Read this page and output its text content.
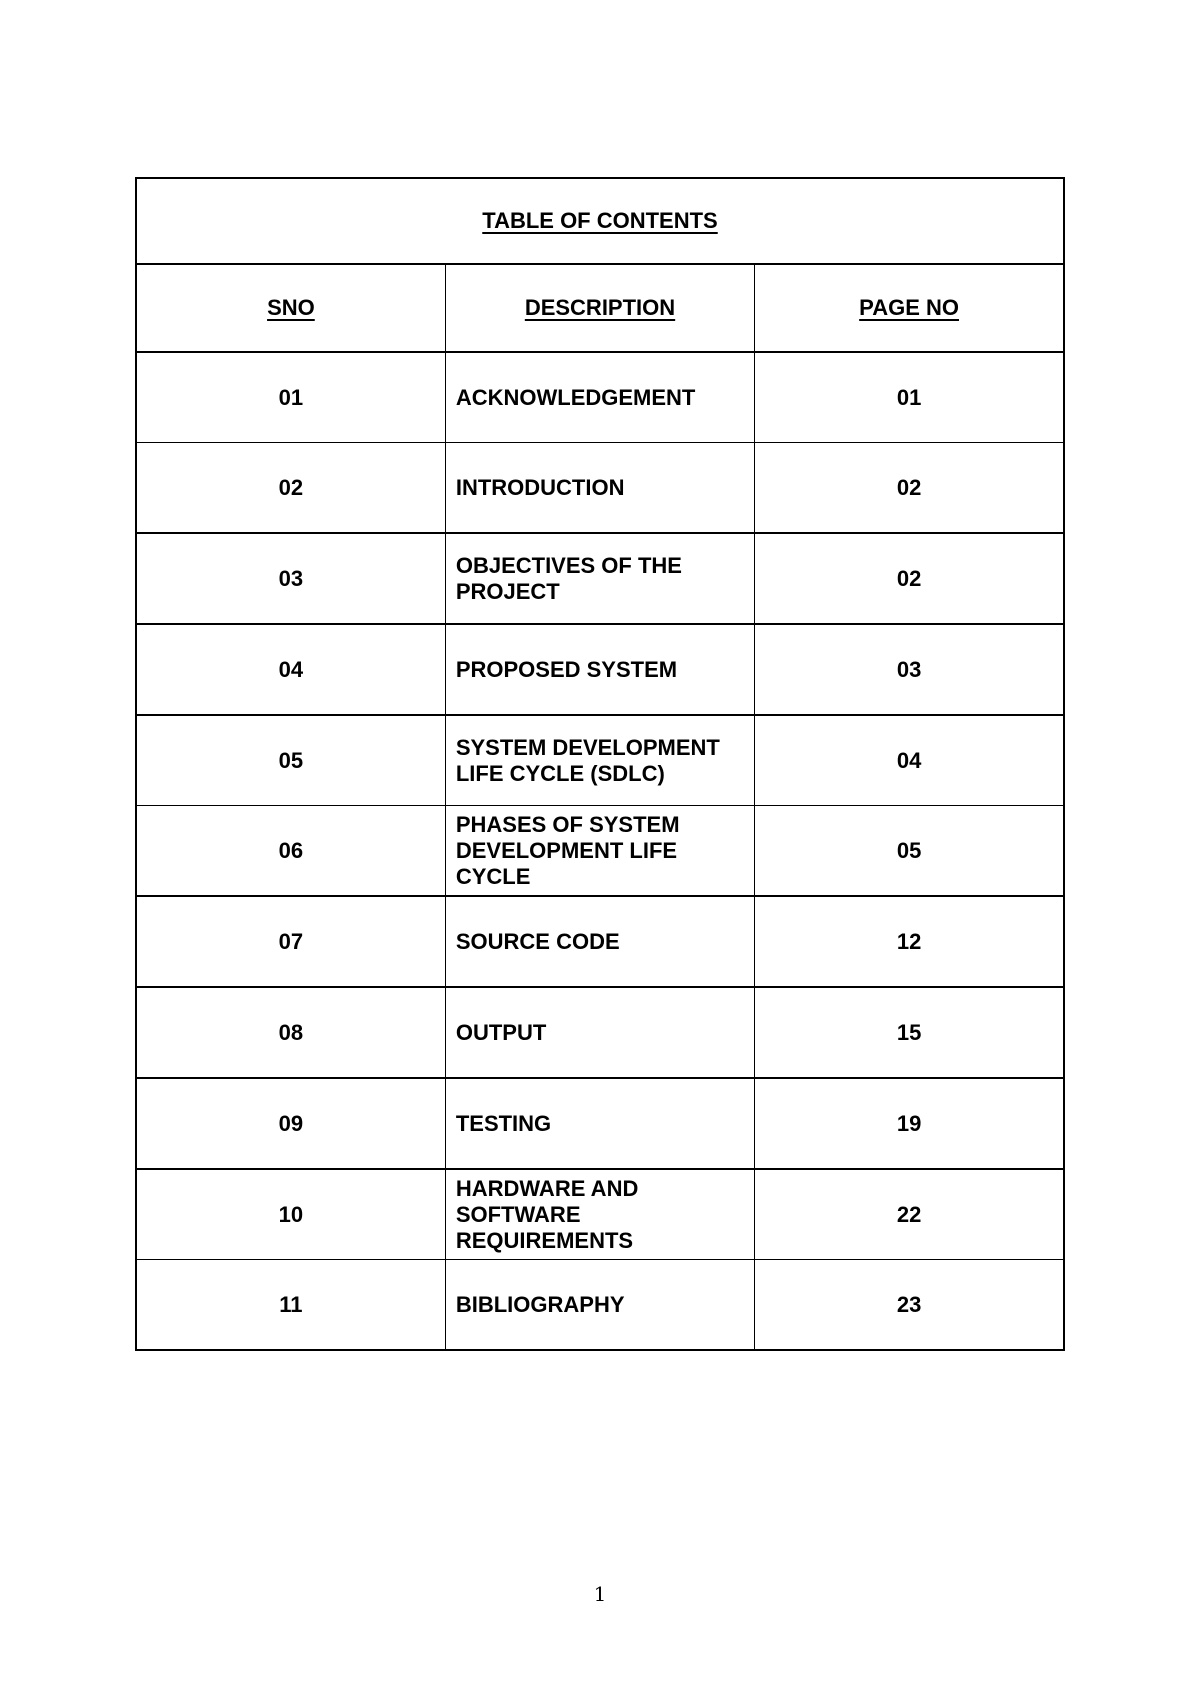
TABLE OF CONTENTS		
SNO	DESCRIPTION	PAGE NO
01	ACKNOWLEDGEMENT	01
02	INTRODUCTION	02
03	OBJECTIVES OF THE PROJECT	02
04	PROPOSED SYSTEM	03
05	SYSTEM DEVELOPMENT LIFE CYCLE (SDLC)	04
06	PHASES OF SYSTEM DEVELOPMENT LIFE CYCLE	05
07	SOURCE CODE	12
08	OUTPUT	15
09	TESTING	19
10	HARDWARE AND SOFTWARE REQUIREMENTS	22
11	BIBLIOGRAPHY	23
1
